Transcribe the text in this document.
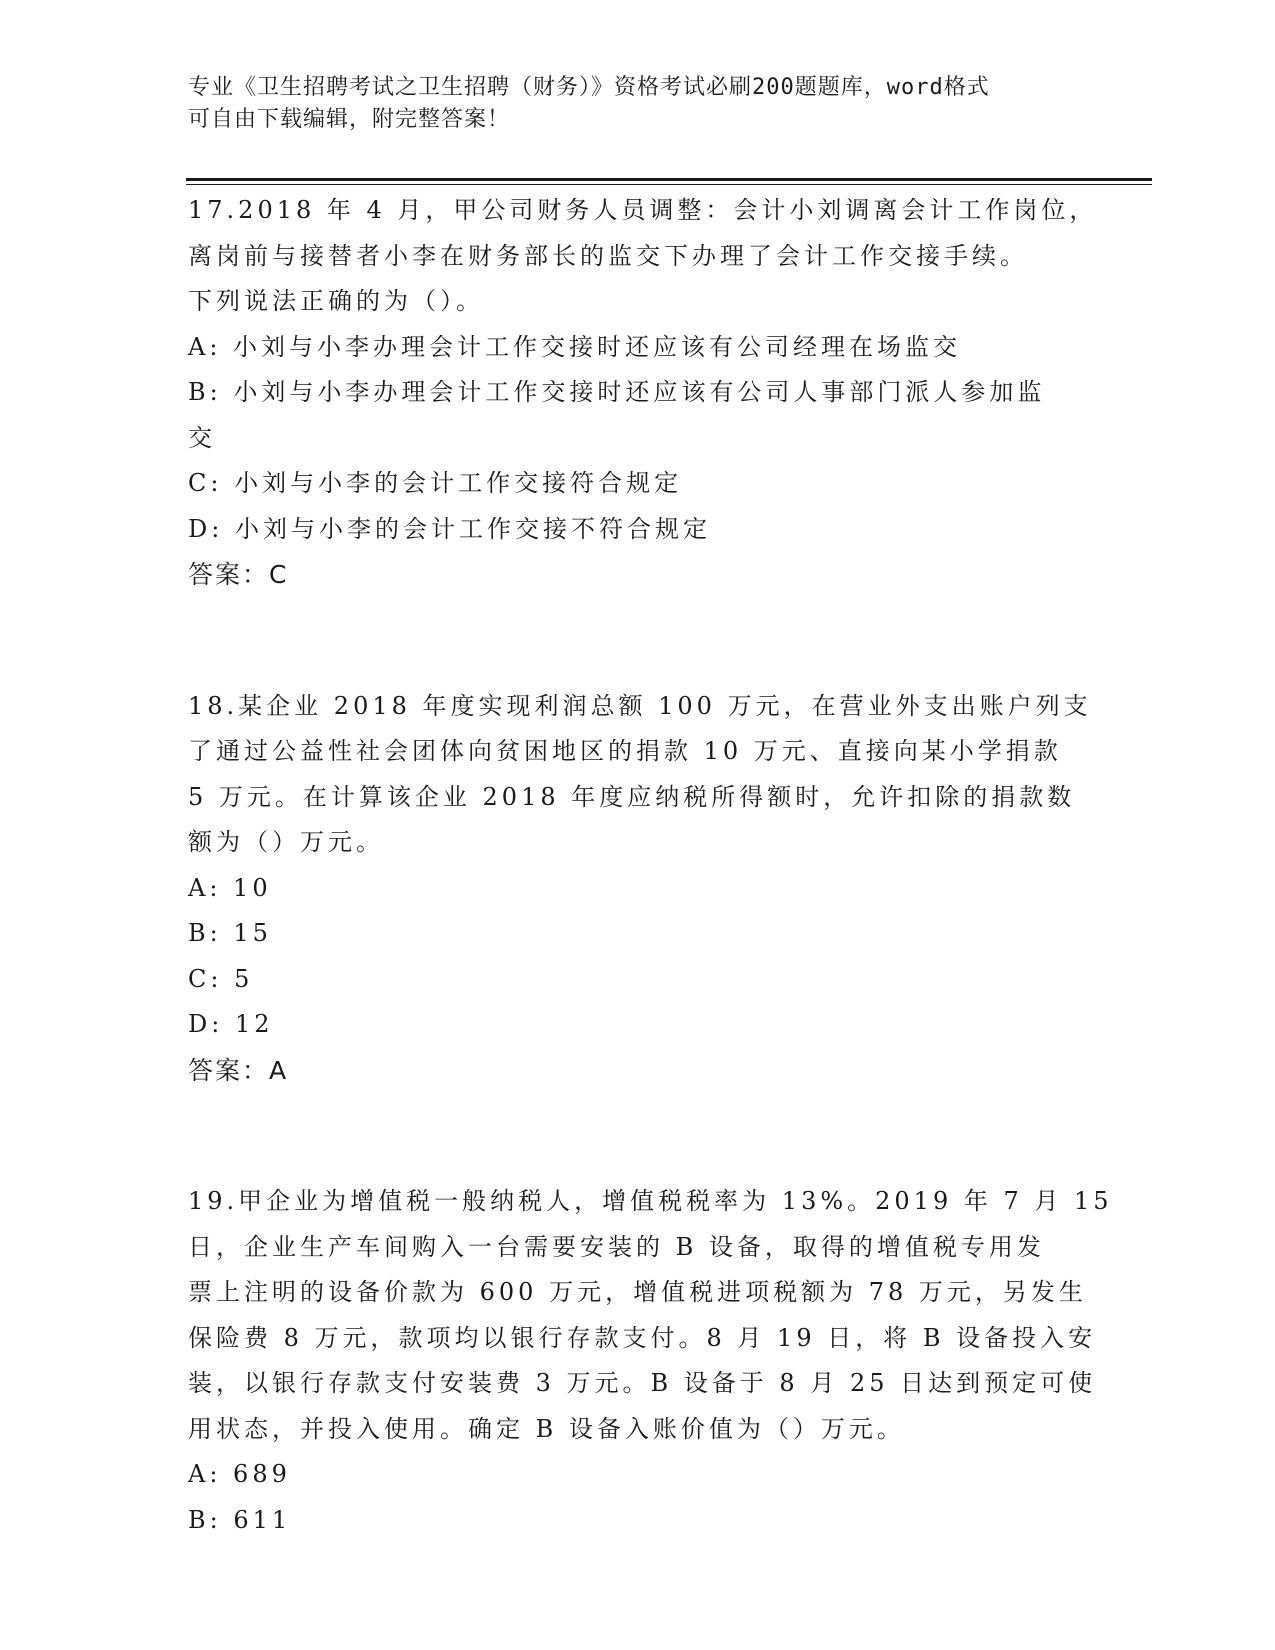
专业《卫生招聘考试之卫生招聘（财务）》资格考试必刷200题题库，word格式
可自由下载编辑，附完整答案！
17.2018 年 4 月，甲公司财务人员调整：会计小刘调离会计工作岗位，
离岗前与接替者小李在财务部长的监交下办理了会计工作交接手续。
下列说法正确的为（）。
A: 小刘与小李办理会计工作交接时还应该有公司经理在场监交
B: 小刘与小李办理会计工作交接时还应该有公司人事部门派人参加监
交
C: 小刘与小李的会计工作交接符合规定
D: 小刘与小李的会计工作交接不符合规定
答案：C
18.某企业 2018 年度实现利润总额 100 万元，在营业外支出账户列支
了通过公益性社会团体向贫困地区的捐款 10 万元、直接向某小学捐款
5 万元。在计算该企业 2018 年度应纳税所得额时，允许扣除的捐款数
额为（）万元。
A: 10
B: 15
C: 5
D: 12
答案：A
19.甲企业为增值税一般纳税人，增值税税率为 13%。2019 年 7 月 15
日，企业生产车间购入一台需要安装的 B 设备，取得的增值税专用发
票上注明的设备价款为 600 万元，增值税进项税额为 78 万元，另发生
保险费 8 万元，款项均以银行存款支付。8 月 19 日，将 B 设备投入安
装，以银行存款支付安装费 3 万元。B 设备于 8 月 25 日达到预定可使
用状态，并投入使用。确定 B 设备入账价值为（）万元。
A: 689
B: 611
